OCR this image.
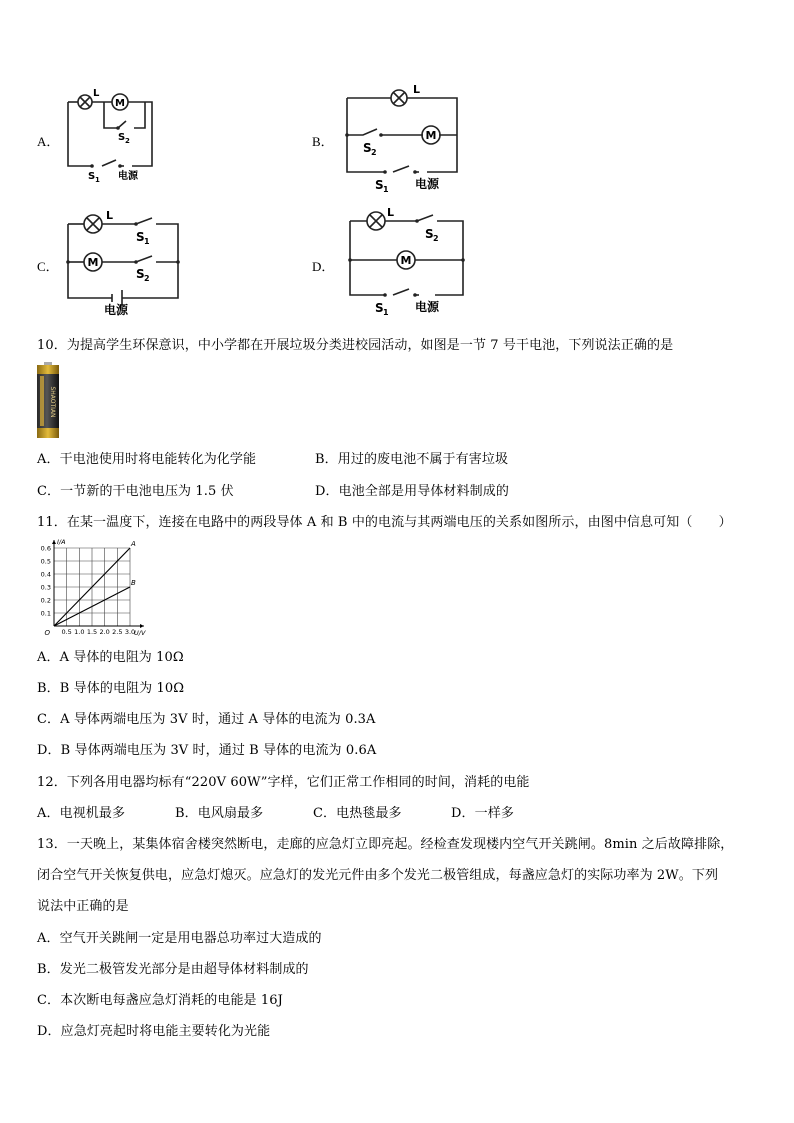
A．
M
L
S 2
S 1 电源
B．	M
L
S 2
S 1 电源
C．	M
L
S 1
S 2
电源
D．	M
L
S 2
S 1 电源
10．为提高学生环保意识，中小学都在开展垃圾分类进校园活动，如图是一节 7 号干电池，下列说法正确的是
SHAOTIAN
A．干电池使用时将电能转化为化学能	B．用过的废电池不属于有害垃圾
C．一节新的干电池电压为 1.5 伏	D．电池全部是用导体材料制成的
11．在某一温度下，连接在电路中的两段导体 A 和 B 中的电流与其两端电压的关系如图所示，由图中信息可知（　　）
0.5 1.0 1.5 2.0 2.5 3.0
0.1
0.2
0.3
0.4
0.5
0.6
O	U/V
I/A	A
B
A．A 导体的电阻为 10Ω
B．B 导体的电阻为 10Ω
C．A 导体两端电压为 3V 时，通过 A 导体的电流为 0.3A
D．B 导体两端电压为 3V 时，通过 B 导体的电流为 0.6A
12．下列各用电器均标有“220V 60W”字样，它们正常工作相同的时间，消耗的电能
A．电视机最多	B．电风扇最多	C．电热毯最多	D．一样多
13．一天晚上，某集体宿舍楼突然断电，走廊的应急灯立即亮起。经检查发现楼内空气开关跳闸。8min 之后故障排除，
闭合空气开关恢复供电，应急灯熄灭。应急灯的发光元件由多个发光二极管组成，每盏应急灯的实际功率为 2W。下列
说法中正确的是
A．空气开关跳闸一定是用电器总功率过大造成的
B．发光二极管发光部分是由超导体材料制成的
C．本次断电每盏应急灯消耗的电能是 16J
D．应急灯亮起时将电能主要转化为光能
